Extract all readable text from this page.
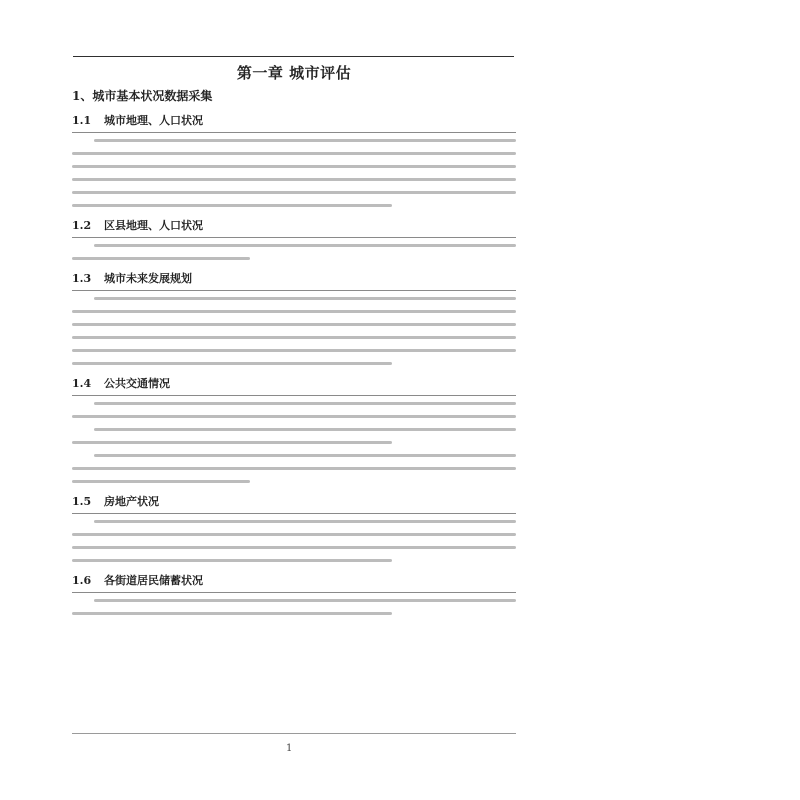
第一章 城市评估
1、城市基本状况数据采集
1.1	城市地理、人口状况
1.2	区县地理、人口状况
1.3	城市未来发展规划
1.4	公共交通情况
1.5	房地产状况
1.6	各街道居民储蓄状况
1
